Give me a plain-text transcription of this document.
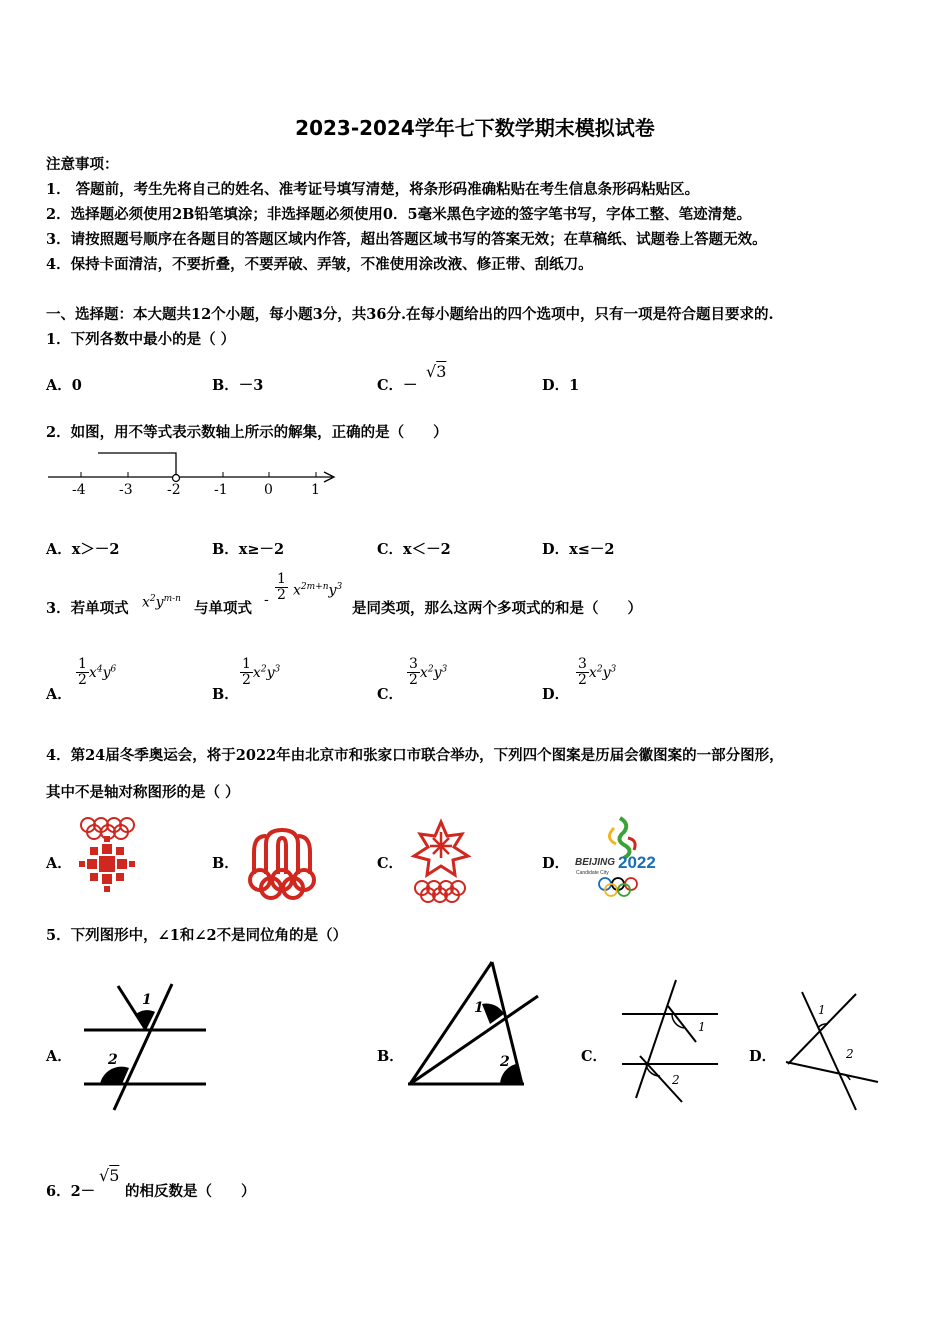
2023-2024学年七下数学期末模拟试卷
注意事项：
1． 答题前，考生先将自己的姓名、准考证号填写清楚，将条形码准确粘贴在考生信息条形码粘贴区。
2．选择题必须使用2B铅笔填涂；非选择题必须使用0．5毫米黑色字迹的签字笔书写，字体工整、笔迹清楚。
3．请按照题号顺序在各题目的答题区域内作答，超出答题区域书写的答案无效；在草稿纸、试题卷上答题无效。
4．保持卡面清洁，不要折叠，不要弄破、弄皱，不准使用涂改液、修正带、刮纸刀。
一、选择题：本大题共12个小题，每小题3分，共36分.在每小题给出的四个选项中，只有一项是符合题目要求的.
1．下列各数中最小的是（ ）
A．0	B．－3	C．－
√3
D．1
2．如图，用不等式表示数轴上所示的解集，正确的是（　　）
-4 -3 -2 -1	0	1
A．x＞－2	B．x≥－2	C．x＜－2	D．x≤－2
3．若单项式 $x^2y^{m-n}$
与单项式 - $\frac{1}{2} x^{2m+n}y^3$
是同类项，那么这两个多项式的和是（　　）
A．
$\frac{1}{2} x^4y^6$
B．
$\frac{1}{2} x^2y^3$
C．
$\frac{3}{2} x^2y^3$
D．
$\frac{3}{2} x^2y^3$
4．第24届冬季奥运会，将于2022年由北京市和张家口市联合举办，下列四个图案是历届会徽图案的一部分图形，
其中不是轴对称图形的是（ ）
A．	B．	C．	D． BEIJING 2022
Candidate City
5．下列图形中，∠1和∠2不是同位角的是（）
A．
1
2	B．
1
2	C．
1
2
D．
1
2
6．2－
√5
的相反数是（　　）
